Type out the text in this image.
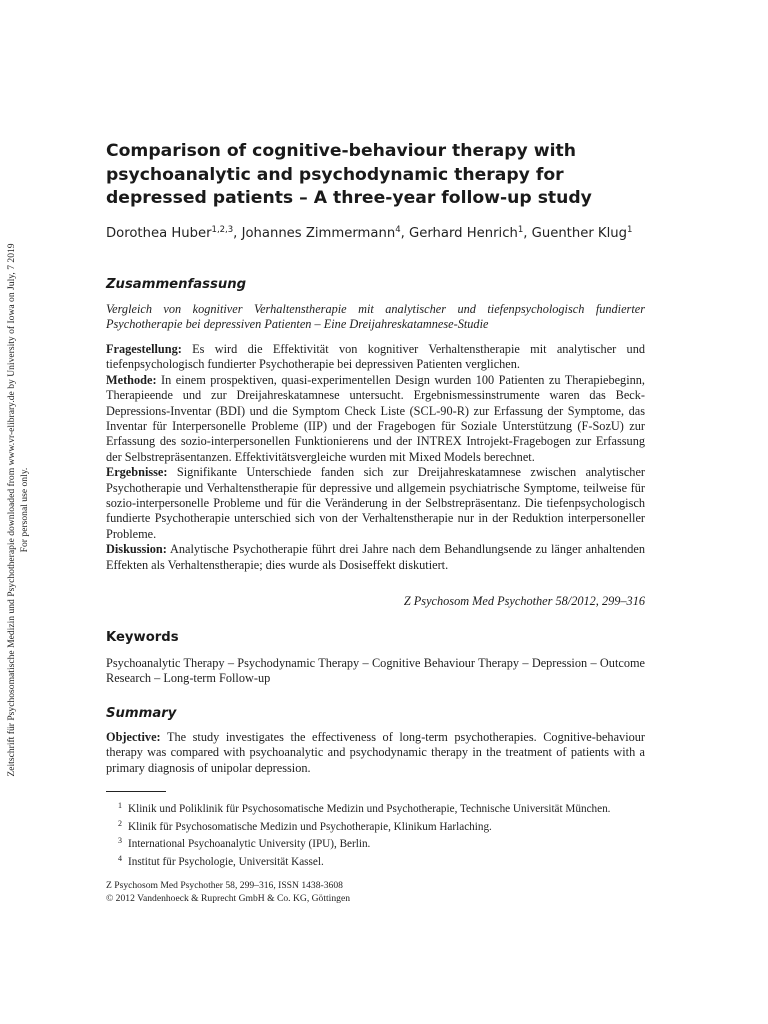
Zeitschrift für Psychosomatische Medizin und Psychotherapie downloaded from www.vr-elibrary.de by University of Iowa on July, 7 2019 For personal use only.
Comparison of cognitive-behaviour therapy with psychoanalytic and psychodynamic therapy for depressed patients – A three-year follow-up study
Dorothea Huber$^{1,2,3}$, Johannes Zimmermann$^4$, Gerhard Henrich$^1$, Guenther Klug$^1$
Zusammenfassung
Vergleich von kognitiver Verhaltenstherapie mit analytischer und tiefenpsychologisch fundierter Psychotherapie bei depressiven Patienten – Eine Dreijahreskatamnese-Studie
Fragestellung: Es wird die Effektivität von kognitiver Verhaltenstherapie mit analytischer und tiefenpsychologisch fundierter Psychotherapie bei depressiven Patienten verglichen.
Methode: In einem prospektiven, quasi-experimentellen Design wurden 100 Patienten zu Therapiebeginn, Therapieende und zur Dreijahreskatamnese untersucht. Ergebnismessinstrumente waren das Beck-Depressions-Inventar (BDI) und die Symptom Check Liste (SCL-90-R) zur Erfassung der Symptome, das Inventar für Interpersonelle Probleme (IIP) und der Fragebogen für Soziale Unterstützung (F-SozU) zur Erfassung des sozio-interpersonellen Funktionierens und der INTREX Introjekt-Fragebogen zur Erfassung der Selbstrepräsentanzen. Effektivitätsvergleiche wurden mit Mixed Models berechnet.
Ergebnisse: Signifikante Unterschiede fanden sich zur Dreijahreskatamnese zwischen analytischer Psychotherapie und Verhaltenstherapie für depressive und allgemein psychiatrische Symptome, teilweise für sozio-interpersonelle Probleme und für die Veränderung in der Selbstrepräsentanz. Die tiefenpsychologisch fundierte Psychotherapie unterschied sich von der Verhaltenstherapie nur in der Reduktion interpersoneller Probleme.
Diskussion: Analytische Psychotherapie führt drei Jahre nach dem Behandlungsende zu länger anhaltenden Effekten als Verhaltenstherapie; dies wurde als Dosiseffekt diskutiert.
Z Psychosom Med Psychother 58/2012, 299–316
Keywords
Psychoanalytic Therapy – Psychodynamic Therapy – Cognitive Behaviour Therapy – Depression – Outcome Research – Long-term Follow-up
Summary
Objective: The study investigates the effectiveness of long-term psychotherapies. Cognitive-behaviour therapy was compared with psychoanalytic and psychodynamic therapy in the treatment of patients with a primary diagnosis of unipolar depression.

$^1$ Klinik und Poliklinik für Psychosomatische Medizin und Psychotherapie, Technische Universität München.

$^2$ Klinik für Psychosomatische Medizin und Psychotherapie, Klinikum Harlaching.

$^3$ International Psychoanalytic University (IPU), Berlin.

$^4$ Institut für Psychologie, Universität Kassel.

Z Psychosom Med Psychother 58, 299–316, ISSN 1438-3608
© 2012 Vandenhoeck & Ruprecht GmbH & Co. KG, Göttingen
